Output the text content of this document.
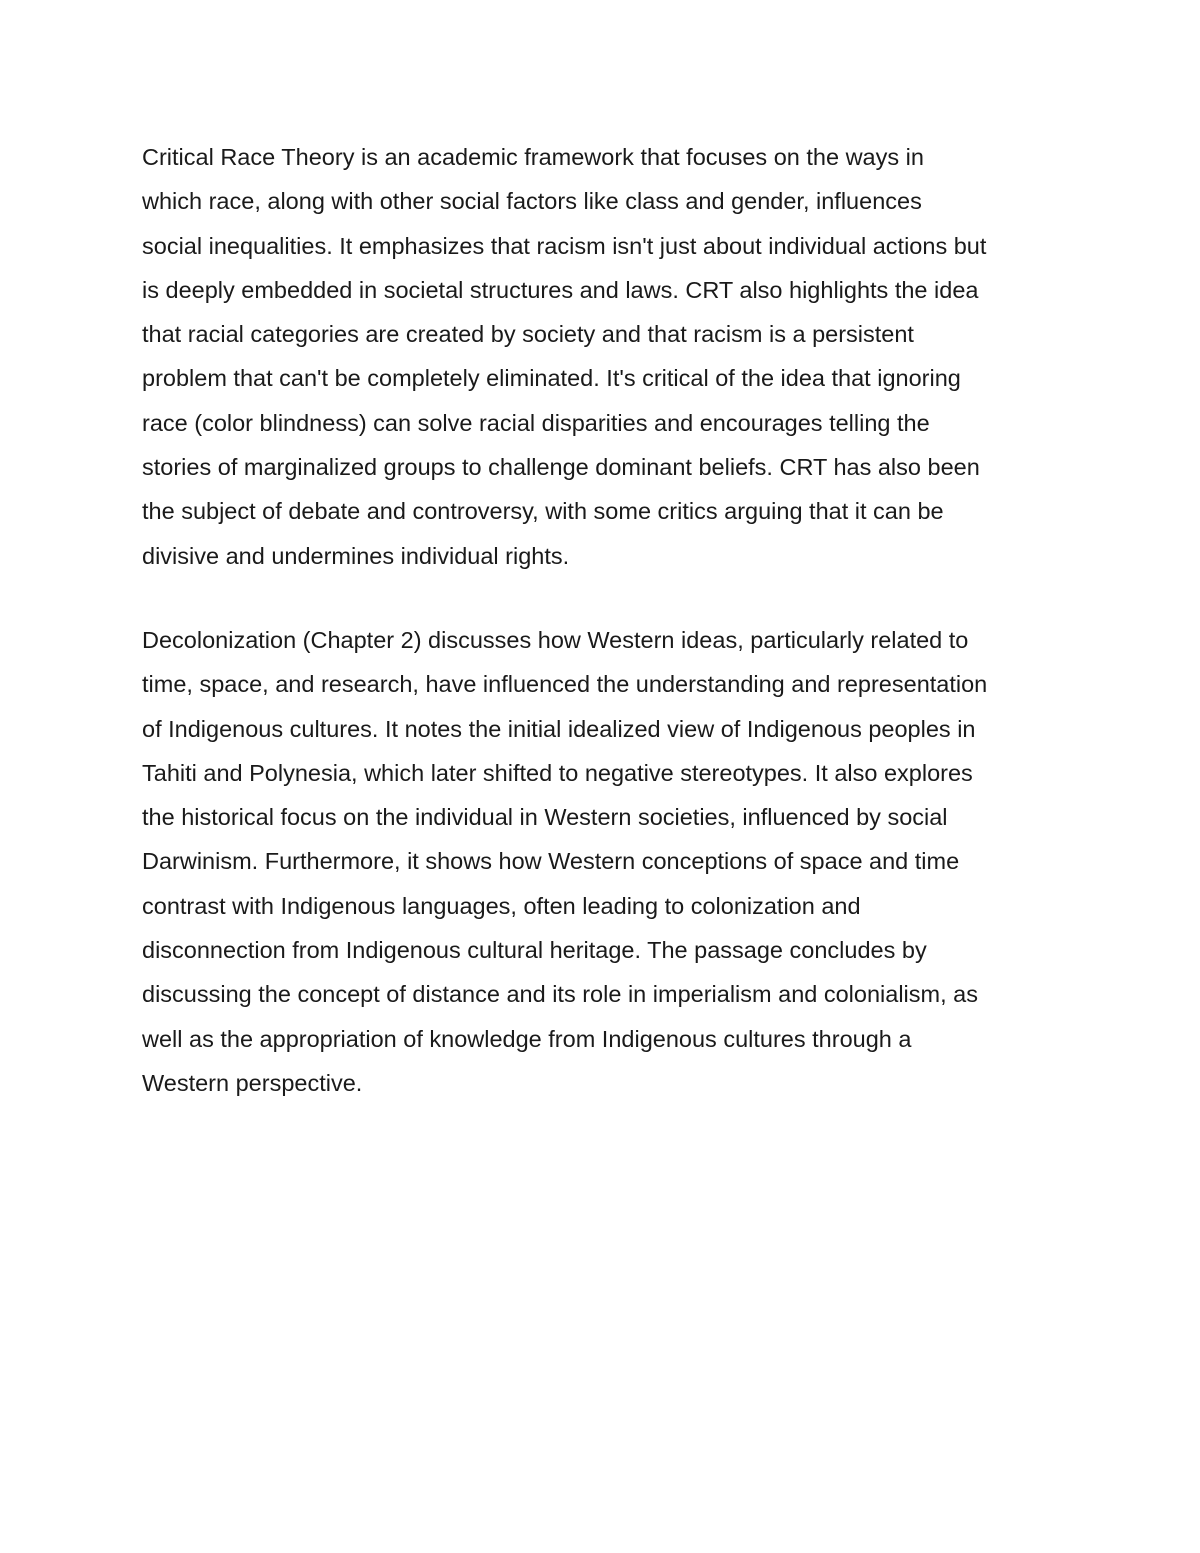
Critical Race Theory is an academic framework that focuses on the ways in
which race, along with other social factors like class and gender, influences
social inequalities. It emphasizes that racism isn't just about individual actions but
is deeply embedded in societal structures and laws. CRT also highlights the idea
that racial categories are created by society and that racism is a persistent
problem that can't be completely eliminated. It's critical of the idea that ignoring
race (color blindness) can solve racial disparities and encourages telling the
stories of marginalized groups to challenge dominant beliefs. CRT has also been
the subject of debate and controversy, with some critics arguing that it can be
divisive and undermines individual rights.

Decolonization (Chapter 2) discusses how Western ideas, particularly related to
time, space, and research, have influenced the understanding and representation
of Indigenous cultures. It notes the initial idealized view of Indigenous peoples in
Tahiti and Polynesia, which later shifted to negative stereotypes. It also explores
the historical focus on the individual in Western societies, influenced by social
Darwinism. Furthermore, it shows how Western conceptions of space and time
contrast with Indigenous languages, often leading to colonization and
disconnection from Indigenous cultural heritage. The passage concludes by
discussing the concept of distance and its role in imperialism and colonialism, as
well as the appropriation of knowledge from Indigenous cultures through a
Western perspective.
